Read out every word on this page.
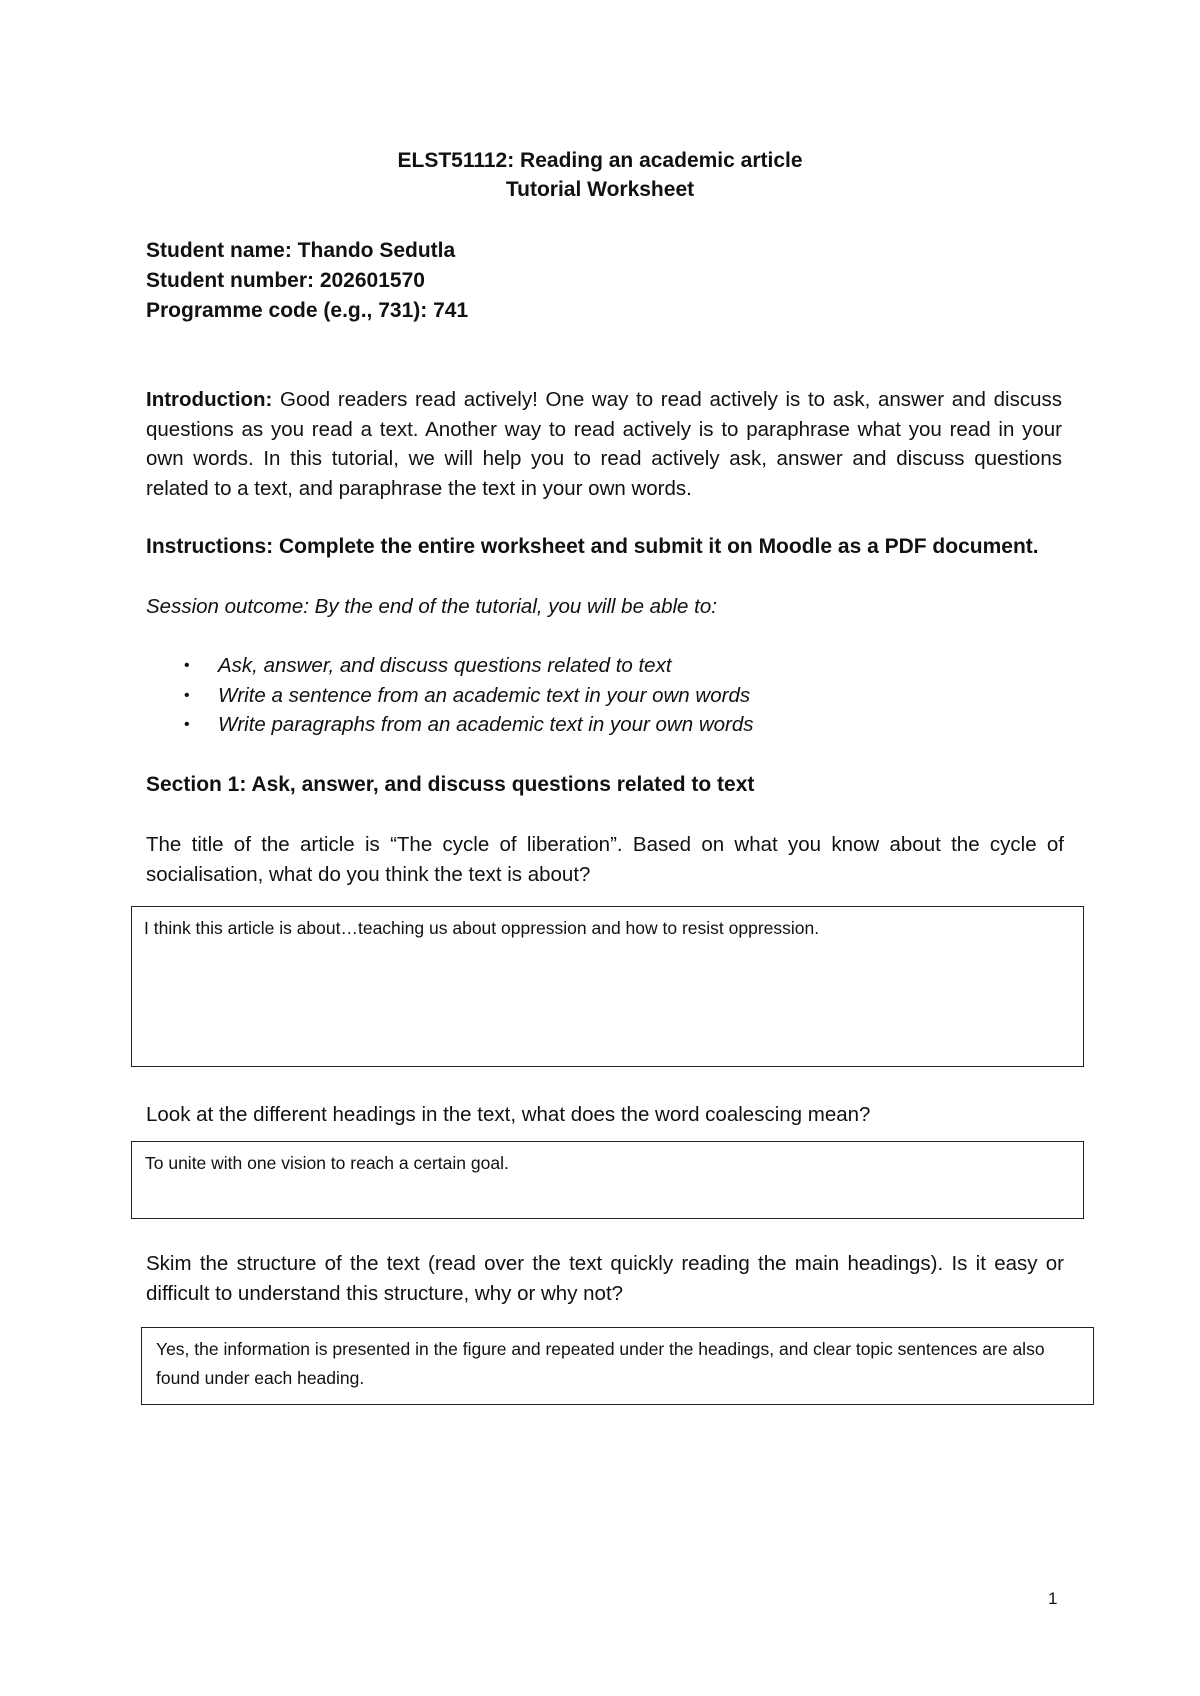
ELST51112: Reading an academic article
Tutorial Worksheet
Student name: Thando Sedutla
Student number: 202601570
Programme code (e.g., 731): 741
Introduction: Good readers read actively! One way to read actively is to ask, answer and discuss questions as you read a text. Another way to read actively is to paraphrase what you read in your own words. In this tutorial, we will help you to read actively ask, answer and discuss questions related to a text, and paraphrase the text in your own words.
Instructions: Complete the entire worksheet and submit it on Moodle as a PDF document.
Session outcome: By the end of the tutorial, you will be able to:
• Ask, answer, and discuss questions related to text
• Write a sentence from an academic text in your own words
• Write paragraphs from an academic text in your own words
Section 1: Ask, answer, and discuss questions related to text
The title of the article is “The cycle of liberation”. Based on what you know about the cycle of socialisation, what do you think the text is about?
I think this article is about…teaching us about oppression and how to resist oppression.
Look at the different headings in the text, what does the word coalescing mean?
To unite with one vision to reach a certain goal.
Skim the structure of the text (read over the text quickly reading the main headings). Is it easy or difficult to understand this structure, why or why not?
Yes, the information is presented in the figure and repeated under the headings, and clear topic sentences are also found under each heading.
1
